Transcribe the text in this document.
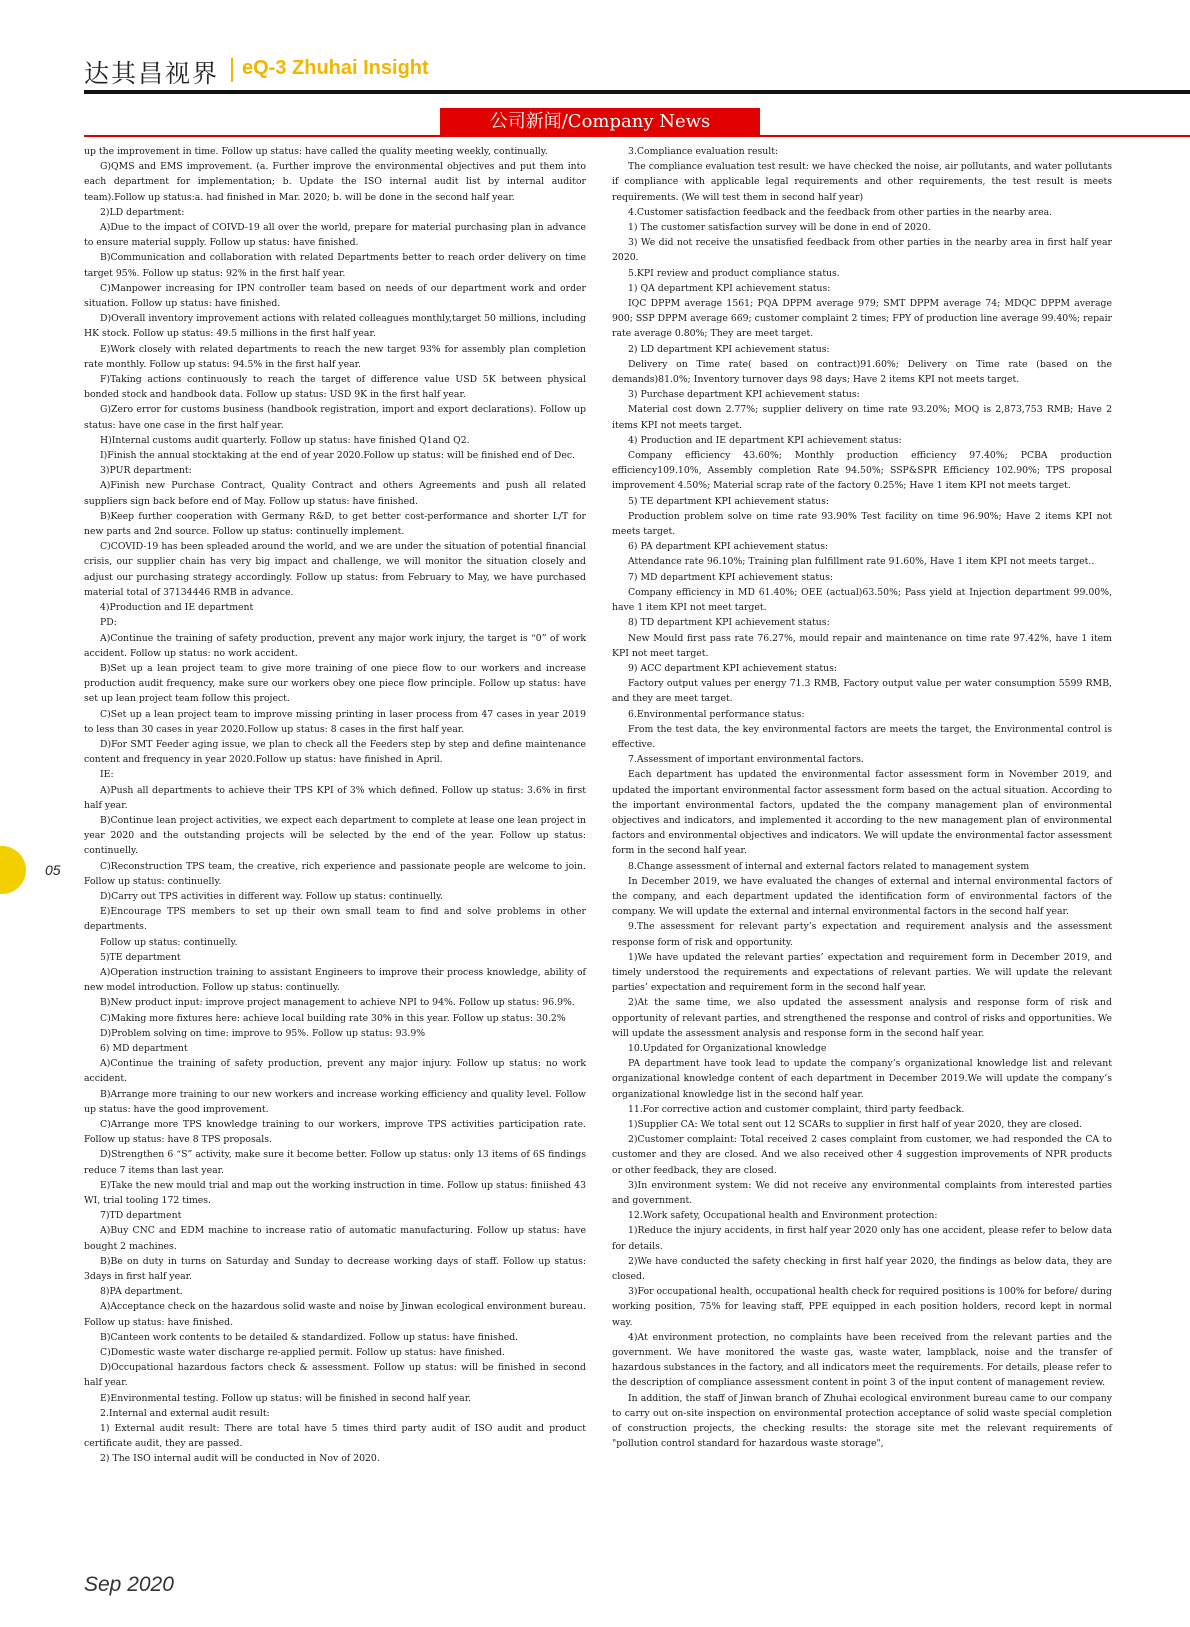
达其昌视界 eQ-3 Zhuhai Insight
公司新闻/Company News

up the improvement in time. Follow up status: have called the quality meeting weekly, continually.

G)QMS and EMS improvement. (a. Further improve the environmental objectives and put them into each department for implementation; b. Update the ISO internal audit list by internal auditor team).Follow up status:a. had finished in Mar. 2020; b. will be done in the second half year.

2)LD department:

A)Due to the impact of COIVD-19 all over the world, prepare for material purchasing plan in advance to ensure material supply. Follow up status: have finished.

B)Communication and collaboration with related Departments better to reach order delivery on time target 95%. Follow up status: 92% in the first half year.

C)Manpower increasing for IPN controller team based on needs of our department work and order situation. Follow up status: have finished.

D)Overall inventory improvement actions with related colleagues monthly,target 50 millions, including HK stock. Follow up status: 49.5 millions in the first half year.

E)Work closely with related departments to reach the new target 93% for assembly plan completion rate monthly. Follow up status: 94.5% in the first half year.

F)Taking actions continuously to reach the target of difference value USD 5K between physical bonded stock and handbook data. Follow up status: USD 9K in the first half year.

G)Zero error for customs business (handbook registration, import and export declarations). Follow up status: have one case in the first half year.

H)Internal customs audit quarterly. Follow up status: have finished Q1and Q2.

I)Finish the annual stocktaking at the end of year 2020.Follow up status: will be finished end of Dec.

3)PUR department:

A)Finish new Purchase Contract, Quality Contract and others Agreements and push all related suppliers sign back before end of May. Follow up status: have finished.

B)Keep further cooperation with Germany R&D, to get better cost-performance and shorter L/T for new parts and 2nd source. Follow up status: continuelly implement.

C)COVID-19 has been spleaded around the world, and we are under the situation of potential financial crisis, our supplier chain has very big impact and challenge, we will monitor the situation closely and adjust our purchasing strategy accordingly. Follow up status: from February to May, we have purchased material total of 37134446 RMB in advance.

4)Production and IE department

PD:

A)Continue the training of safety production, prevent any major work injury, the target is “0” of work accident. Follow up status: no work accident.

B)Set up a lean project team to give more training of one piece flow to our workers and increase production audit frequency, make sure our workers obey one piece flow principle. Follow up status: have set up lean project team follow this project.

C)Set up a lean project team to improve missing printing in laser process from 47 cases in year 2019 to less than 30 cases in year 2020.Follow up status: 8 cases in the first half year.

D)For SMT Feeder aging issue, we plan to check all the Feeders step by step and define maintenance content and frequency in year 2020.Follow up status: have finished in April.

IE:

A)Push all departments to achieve their TPS KPI of 3% which defined. Follow up status: 3.6% in first half year.

B)Continue lean project activities, we expect each department to complete at lease one lean project in year 2020 and the outstanding projects will be selected by the end of the year. Follow up status: continuelly.

C)Reconstruction TPS team, the creative, rich experience and passionate people are welcome to join. Follow up status: continuelly.

D)Carry out TPS activities in different way. Follow up status: continuelly.

E)Encourage TPS members to set up their own small team to find and solve problems in other departments.

Follow up status: continuelly.

5)TE department

A)Operation instruction training to assistant Engineers to improve their process knowledge, ability of new model introduction. Follow up status: continuelly.

B)New product input: improve project management to achieve NPI to 94%. Follow up status: 96.9%.

C)Making more fixtures here: achieve local building rate 30% in this year. Follow up status: 30.2%

D)Problem solving on time: improve to 95%. Follow up status: 93.9%

6) MD department

A)Continue the training of safety production, prevent any major injury. Follow up status: no work accident.

B)Arrange more training to our new workers and increase working efficiency and quality level. Follow up status: have the good improvement.

C)Arrange more TPS knowledge training to our workers, improve TPS activities participation rate. Follow up status: have 8 TPS proposals.

D)Strengthen 6 “S” activity, make sure it become better. Follow up status: only 13 items of 6S findings reduce 7 items than last year.

E)Take the new mould trial and map out the working instruction in time. Follow up status: finiished 43 WI, trial tooling 172 times.

7)TD department

A)Buy CNC and EDM machine to increase ratio of automatic manufacturing. Follow up status: have bought 2 machines.

B)Be on duty in turns on Saturday and Sunday to decrease working days of staff. Follow up status: 3days in first half year.

8)PA department.

A)Acceptance check on the hazardous solid waste and noise by Jinwan ecological environment bureau. Follow up status: have finished.

B)Canteen work contents to be detailed & standardized. Follow up status: have finished.

C)Domestic waste water discharge re-applied permit. Follow up status: have finished.

D)Occupational hazardous factors check & assessment. Follow up status: will be finished in second half year.

E)Environmental testing. Follow up status: will be finished in second half year.

2.Internal and external audit result:

1) External audit result: There are total have 5 times third party audit of ISO audit and product certificate audit, they are passed.

2) The ISO internal audit will be conducted in Nov of 2020.

3.Compliance evaluation result:

The compliance evaluation test result: we have checked the noise, air pollutants, and water pollutants if compliance with applicable legal requirements and other requirements, the test result is meets requirements. (We will test them in second half year)

4.Customer satisfaction feedback and the feedback from other parties in the nearby area.

1) The customer satisfaction survey will be done in end of 2020.

3) We did not receive the unsatisfied feedback from other parties in the nearby area in first half year 2020.

5.KPI review and product compliance status.

1) QA department KPI achievement status:

IQC DPPM average 1561; PQA DPPM average 979; SMT DPPM average 74; MDQC DPPM average 900; SSP DPPM average 669; customer complaint 2 times; FPY of production line average 99.40%; repair rate average 0.80%; They are meet target.

2) LD department KPI achievement status:

Delivery on Time rate( based on contract)91.60%; Delivery on Time rate (based on the demands)81.0%; Inventory turnover days 98 days; Have 2 items KPI not meets target.

3) Purchase department KPI achievement status:

Material cost down 2.77%; supplier delivery on time rate 93.20%; MOQ is 2,873,753 RMB; Have 2 items KPI not meets target.

4) Production and IE department KPI achievement status:

Company efficiency 43.60%; Monthly production efficiency 97.40%; PCBA production efficiency109.10%, Assembly completion Rate 94.50%; SSP&SPR Efficiency 102.90%; TPS proposal improvement 4.50%; Material scrap rate of the factory 0.25%; Have 1 item KPI not meets target.

5) TE department KPI achievement status:

Production problem solve on time rate 93.90% Test facility on time 96.90%; Have 2 items KPI not meets target.

6) PA department KPI achievement status:

Attendance rate 96.10%; Training plan fulfillment rate 91.60%, Have 1 item KPI not meets target..

7) MD department KPI achievement status:

Company efficiency in MD 61.40%; OEE (actual)63.50%; Pass yield at Injection department 99.00%, have 1 item KPI not meet target.

8) TD department KPI achievement status:

New Mould first pass rate 76.27%, mould repair and maintenance on time rate 97.42%, have 1 item KPI not meet target.

9) ACC department KPI achievement status:

Factory output values per energy 71.3 RMB, Factory output value per water consumption 5599 RMB, and they are meet target.

6.Environmental performance status:

From the test data, the key environmental factors are meets the target, the Environmental control is effective.

7.Assessment of important environmental factors.

Each department has updated the environmental factor assessment form in November 2019, and updated the important environmental factor assessment form based on the actual situation. According to the important environmental factors, updated the the company management plan of environmental objectives and indicators, and implemented it according to the new management plan of environmental factors and environmental objectives and indicators. We will update the environmental factor assessment form in the second half year.

8.Change assessment of internal and external factors related to management system

In December 2019, we have evaluated the changes of external and internal environmental factors of the company, and each department updated the identification form of environmental factors of the company. We will update the external and internal environmental factors in the second half year.

9.The assessment for relevant party’s expectation and requirement analysis and the assessment response form of risk and opportunity.

1)We have updated the relevant parties’ expectation and requirement form in December 2019, and timely understood the requirements and expectations of relevant parties. We will update the relevant parties’ expectation and requirement form in the second half year.

2)At the same time, we also updated the assessment analysis and response form of risk and opportunity of relevant parties, and strengthened the response and control of risks and opportunities. We will update the assessment analysis and response form in the second half year.

10.Updated for Organizational knowledge

PA department have took lead to update the company’s organizational knowledge list and relevant organizational knowledge content of each department in December 2019.We will update the company’s organizational knowledge list in the second half year.

11.For corrective action and customer complaint, third party feedback.

1)Supplier CA: We total sent out 12 SCARs to supplier in first half of year 2020, they are closed.

2)Customer complaint: Total received 2 cases complaint from customer, we had responded the CA to customer and they are closed. And we also received other 4 suggestion improvements of NPR products or other feedback, they are closed.

3)In environment system: We did not receive any environmental complaints from interested parties and government.

12.Work safety, Occupational health and Environment protection:

1)Reduce the injury accidents, in first half year 2020 only has one accident, please refer to below data for details.

2)We have conducted the safety checking in first half year 2020, the findings as below data, they are closed.

3)For occupational health, occupational health check for required positions is 100% for before/ during working position, 75% for leaving staff, PPE equipped in each position holders, record kept in normal way.

4)At environment protection, no complaints have been received from the relevant parties and the government. We have monitored the waste gas, waste water, lampblack, noise and the transfer of hazardous substances in the factory, and all indicators meet the requirements. For details, please refer to the description of compliance assessment content in point 3 of the input content of management review.

In addition, the staff of Jinwan branch of Zhuhai ecological environment bureau came to our company to carry out on-site inspection on environmental protection acceptance of solid waste special completion of construction projects, the checking results: the storage site met the relevant requirements of "pollution control standard for hazardous waste storage",

05
Sep 2020
